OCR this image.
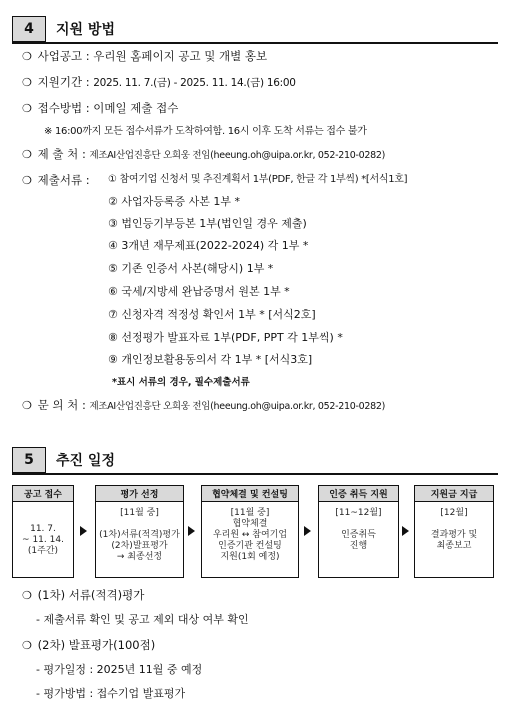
4	지원 방법
❍ 사업공고 : 우리원 홈페이지 공고 및 개별 홍보
❍ 지원기간 : 2025. 11. 7.(금) - 2025. 11. 14.(금) 16:00
❍ 접수방법 : 이메일 제출 접수
※ 16:00까지 모든 접수서류가 도착하여함. 16시 이후 도착 서류는 접수 불가
❍ 제 출 처 : 제조AI산업진흥단 오희웅 전임(heeung.oh@uipa.or.kr, 052-210-0282)
❍ 제출서류 : ① 참여기업 신청서 및 추진계획서 1부(PDF, 한글 각 1부씩) *[서식1호]
② 사업자등록증 사본 1부 *
③ 법인등기부등본 1부(법인일 경우 제출)
④ 3개년 재무제표(2022-2024) 각 1부 *
⑤ 기존 인증서 사본(해당시) 1부 *
⑥ 국세/지방세 완납증명서 원본 1부 *
⑦ 신청자격 적정성 확인서 1부 * [서식2호]
⑧ 선정평가 발표자료 1부(PDF, PPT 각 1부씩) *
⑨ 개인정보활용동의서 각 1부 * [서식3호]
*표시 서류의 경우, 필수제출서류
❍ 문 의 처 : 제조AI산업진흥단 오희웅 전임(heeung.oh@uipa.or.kr, 052-210-0282)
5	추진 일정
공고 접수
11. 7.
~ 11. 14.
(1주간)
평가 선정
[11월 중]

(1차)서류(적격)평가
(2차)발표평가
→ 최종선정
협약체결 및 컨설팅
[11월 중]
협약체결
우리원 ↔ 참여기업
인증기관 컨설팅
지원(1회 예정)
인증 취득 지원
[11~12월]

인증취득
진행
지원금 지급
[12월]

결과평가 및
최종보고
❍ (1차) 서류(적격)평가
- 제출서류 확인 및 공고 제외 대상 여부 확인
❍ (2차) 발표평가(100점)
- 평가일정 : 2025년 11월 중 예정
- 평가방법 : 접수기업 발표평가
